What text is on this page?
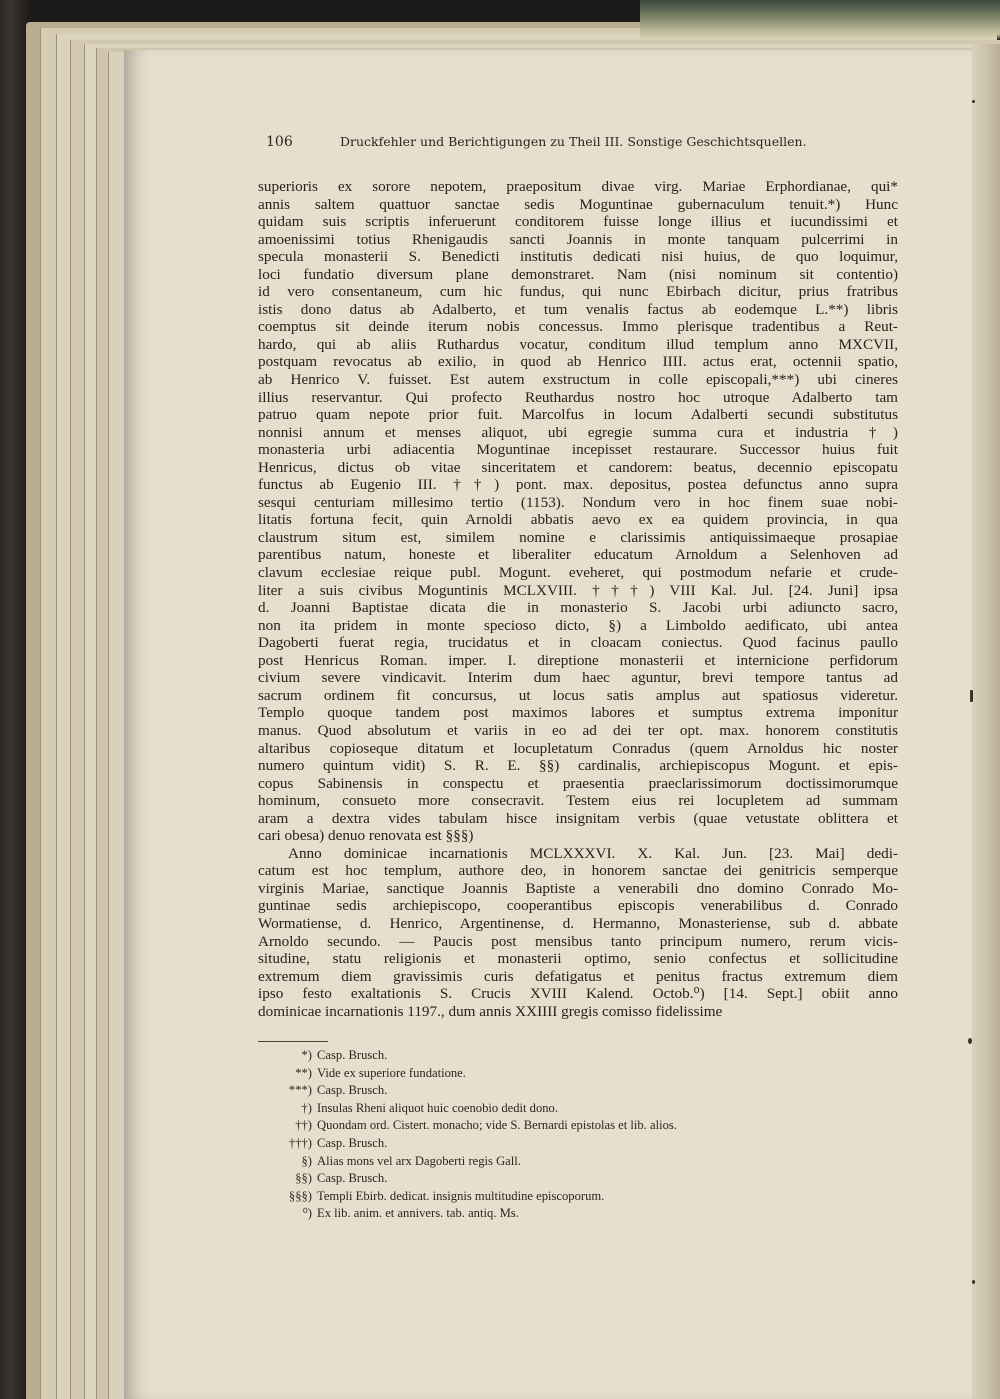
106	Druckfehler und Berichtigungen zu Theil III. Sonstige Geschichtsquellen.
superioris ex sorore nepotem, praepositum divae virg. Mariae Erphordianae, qui*
annis saltem quattuor sanctae sedis Moguntinae gubernaculum tenuit.*) Hunc
quidam suis scriptis inferuerunt conditorem fuisse longe illius et iucundissimi et
amoenissimi totius Rhenigaudis sancti Joannis in monte tanquam pulcerrimi in
specula monasterii S. Benedicti institutis dedicati nisi huius, de quo loquimur,
loci fundatio diversum plane demonstraret. Nam (nisi nominum sit contentio)
id vero consentaneum, cum hic fundus, qui nunc Ebirbach dicitur, prius fratribus
istis dono datus ab Adalberto, et tum venalis factus ab eodemque L.**) libris
coemptus sit deinde iterum nobis concessus. Immo plerisque tradentibus a Reut-
hardo, qui ab aliis Ruthardus vocatur, conditum illud templum anno MXCVII,
postquam revocatus ab exilio, in quod ab Henrico IIII. actus erat, octennii spatio,
ab Henrico V. fuisset. Est autem exstructum in colle episcopali,***) ubi cineres
illius reservantur. Qui profecto Reuthardus nostro hoc utroque Adalberto tam
patruo quam nepote prior fuit. Marcolfus in locum Adalberti secundi substitutus
nonnisi annum et menses aliquot, ubi egregie summa cura et industria †)
monasteria urbi adiacentia Moguntinae incepisset restaurare. Successor huius fuit
Henricus, dictus ob vitae sinceritatem et candorem: beatus, decennio episcopatu
functus ab Eugenio III. ††) pont. max. depositus, postea defunctus anno supra
sesqui centuriam millesimo tertio (1153). Nondum vero in hoc finem suae nobi-
litatis fortuna fecit, quin Arnoldi abbatis aevo ex ea quidem provincia, in qua
claustrum situm est, similem nomine e clarissimis antiquissimaeque prosapiae
parentibus natum, honeste et liberaliter educatum Arnoldum a Selenhoven ad
clavum ecclesiae reique publ. Mogunt. eveheret, qui postmodum nefarie et crude-
liter a suis civibus Moguntinis MCLXVIII. †††) VIII Kal. Jul. [24. Juni] ipsa
d. Joanni Baptistae dicata die in monasterio S. Jacobi urbi adiuncto sacro,
non ita pridem in monte specioso dicto, §) a Limboldo aedificato, ubi antea
Dagoberti fuerat regia, trucidatus et in cloacam coniectus. Quod facinus paullo
post Henricus Roman. imper. I. direptione monasterii et internicione perfidorum
civium severe vindicavit. Interim dum haec aguntur, brevi tempore tantus ad
sacrum ordinem fit concursus, ut locus satis amplus aut spatiosus videretur.
Templo quoque tandem post maximos labores et sumptus extrema imponitur
manus. Quod absolutum et variis in eo ad dei ter opt. max. honorem constitutis
altaribus copioseque ditatum et locupletatum Conradus (quem Arnoldus hic noster
numero quintum vidit) S. R. E. §§) cardinalis, archiepiscopus Mogunt. et epis-
copus Sabinensis in conspectu et praesentia praeclarissimorum doctissimorumque
hominum, consueto more consecravit. Testem eius rei locupletem ad summam
aram a dextra vides tabulam hisce insignitam verbis (quae vetustate oblittera et
cari obesa) denuo renovata est §§§)
Anno dominicae incarnationis MCLXXXVI. X. Kal. Jun. [23. Mai] dedi-
catum est hoc templum, authore deo, in honorem sanctae dei genitricis semperque
virginis Mariae, sanctique Joannis Baptiste a venerabili dno domino Conrado Mo-
guntinae sedis archiepiscopo, cooperantibus episcopis venerabilibus d. Conrado
Wormatiense, d. Henrico, Argentinense, d. Hermanno, Monasteriense, sub d. abbate
Arnoldo secundo. — Paucis post mensibus tanto principum numero, rerum vicis-
situdine, statu religionis et monasterii optimo, senio confectus et sollicitudine
extremum diem gravissimis curis defatigatus et penitus fractus extremum diem
ipso festo exaltationis S. Crucis XVIII Kalend. Octob.⁰) [14. Sept.] obiit anno
dominicae incarnationis 1197., dum annis XXIIII gregis comisso fidelissime
*) Casp. Brusch.
**) Vide ex superiore fundatione.
***) Casp. Brusch.
†) Insulas Rheni aliquot huic coenobio dedit dono.
††) Quondam ord. Cistert. monacho; vide S. Bernardi epistolas et lib. alios.
†††) Casp. Brusch.
§) Alias mons vel arx Dagoberti regis Gall.
§§) Casp. Brusch.
§§§) Templi Ebirb. dedicat. insignis multitudine episcoporum.
⁰) Ex lib. anim. et annivers. tab. antiq. Ms.
